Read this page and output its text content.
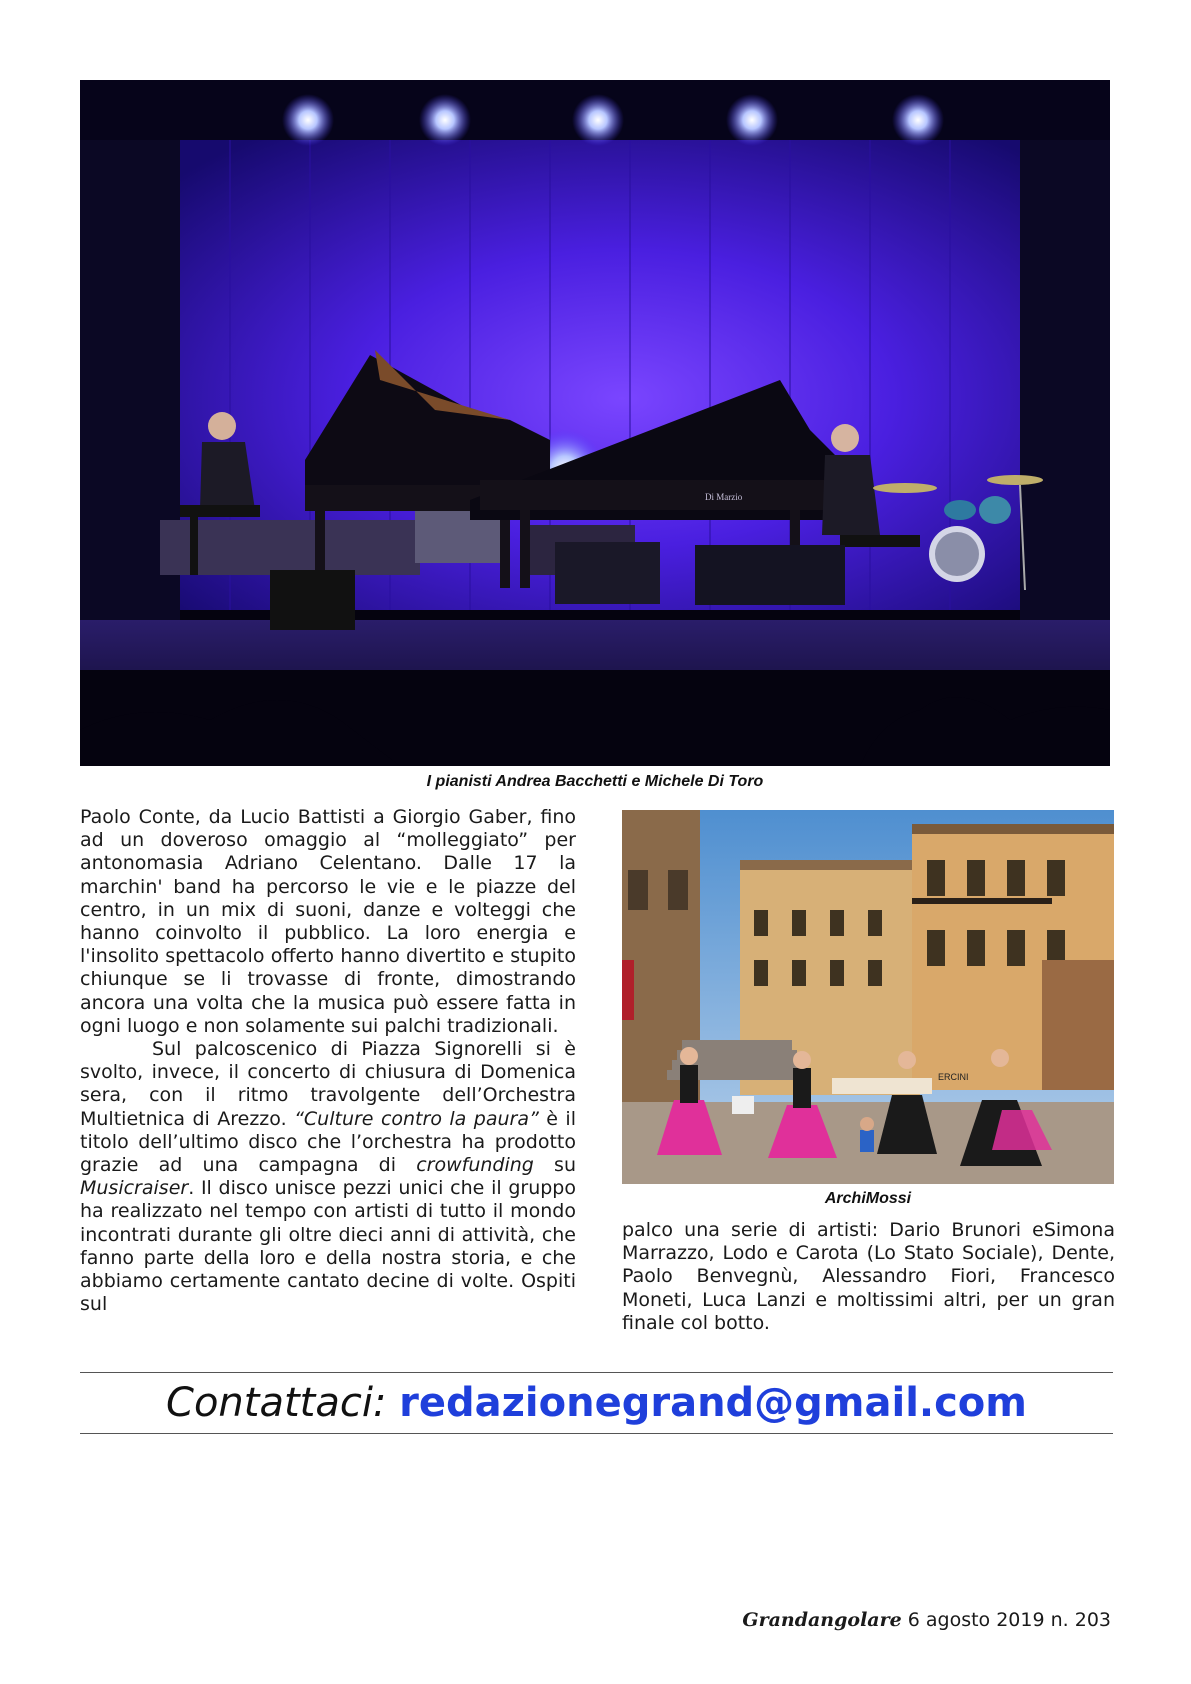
Di Marzio
I pianisti Andrea Bacchetti e Michele Di Toro

Paolo Conte, da Lucio Battisti a Giorgio Gaber, fino ad un doveroso omaggio al “molleggiato” per antonomasia Adriano Celentano. Dalle 17 la marchin' band ha percorso le vie e le piazze del centro, in un mix di suoni, danze e volteggi che hanno coinvolto il pubblico. La loro energia e l'insolito spettacolo offerto hanno divertito e stupito chiunque se li trovasse di fronte, dimostrando ancora una volta che la musica può essere fatta in ogni luogo e non solamente sui palchi tradizionali.

Sul palcoscenico di Piazza Signorelli si è svolto, invece, il concerto di chiusura di Domenica sera, con il ritmo travolgente dell’Orchestra Multietnica di Arezzo. “Culture contro la paura” è il titolo dell’ultimo disco che l’orchestra ha prodotto grazie ad una campagna di crowfunding su Musicraiser. Il disco unisce pezzi unici che il gruppo ha realizzato nel tempo con artisti di tutto il mondo incontrati durante gli oltre dieci anni di attività, che fanno parte della loro e della nostra storia, e che abbiamo certamente cantato decine di volte. Ospiti sul

ERCINI
ArchiMossi

palco una serie di artisti: Dario Brunori eSimona Marrazzo, Lodo e Carota (Lo Stato Sociale), Dente, Paolo Benvegnù, Alessandro Fiori, Francesco Moneti, Luca Lanzi e moltissimi altri, per un gran finale col botto.

Contattaci: redazionegrand@gmail.com
Grandangolare 6 agosto 2019 n. 203
